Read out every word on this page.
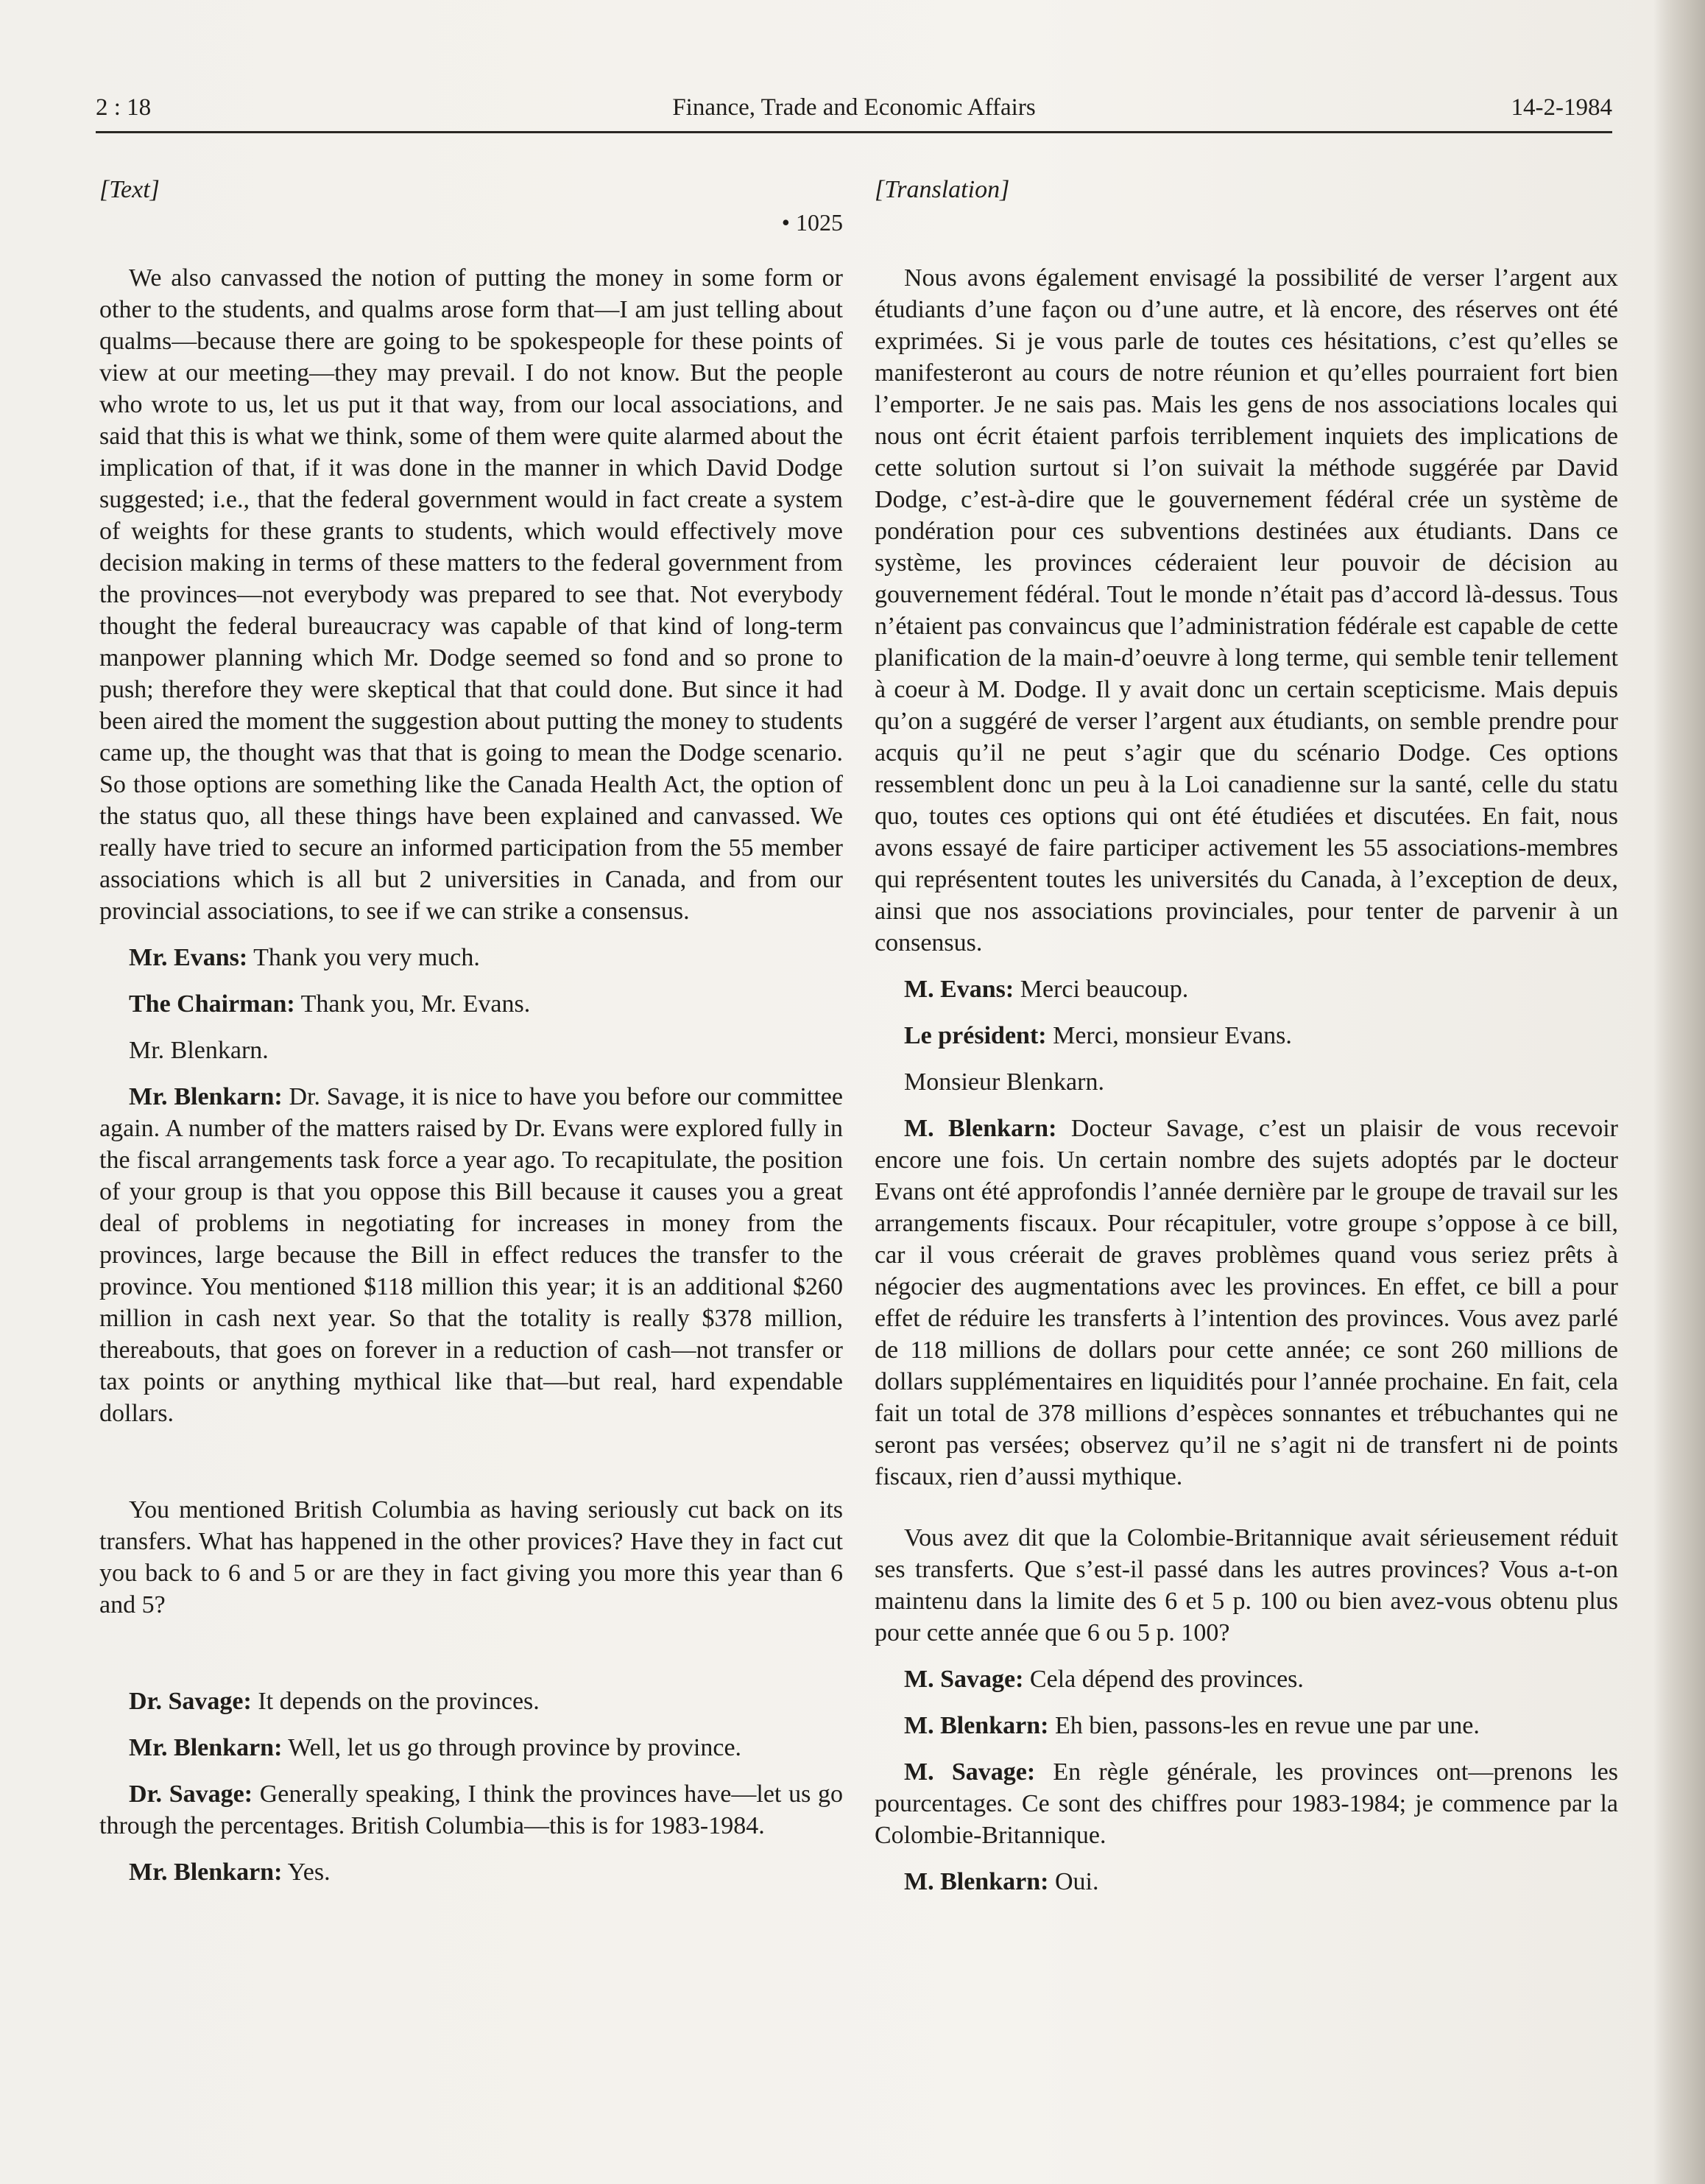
2 : 18	Finance, Trade and Economic Affairs	14-2-1984
[Text]
• 1025

We also canvassed the notion of putting the money in some form or other to the students, and qualms arose form that—I am just telling about qualms—because there are going to be spokespeople for these points of view at our meeting—they may prevail. I do not know. But the people who wrote to us, let us put it that way, from our local associations, and said that this is what we think, some of them were quite alarmed about the implication of that, if it was done in the manner in which David Dodge suggested; i.e., that the federal government would in fact create a system of weights for these grants to students, which would effectively move decision making in terms of these matters to the federal government from the provinces—not everybody was prepared to see that. Not everybody thought the federal bureaucracy was capable of that kind of long-term manpower planning which Mr. Dodge seemed so fond and so prone to push; therefore they were skeptical that that could done. But since it had been aired the moment the suggestion about putting the money to students came up, the thought was that that is going to mean the Dodge scenario. So those options are something like the Canada Health Act, the option of the status quo, all these things have been explained and canvassed. We really have tried to secure an informed participation from the 55 member associations which is all but 2 universities in Canada, and from our provincial associations, to see if we can strike a consensus.

Mr. Evans: Thank you very much.

The Chairman: Thank you, Mr. Evans.

Mr. Blenkarn.

Mr. Blenkarn: Dr. Savage, it is nice to have you before our committee again. A number of the matters raised by Dr. Evans were explored fully in the fiscal arrangements task force a year ago. To recapitulate, the position of your group is that you oppose this Bill because it causes you a great deal of problems in negotiating for increases in money from the provinces, large because the Bill in effect reduces the transfer to the province. You mentioned $118 million this year; it is an additional $260 million in cash next year. So that the totality is really $378 million, thereabouts, that goes on forever in a reduction of cash—not transfer or tax points or anything mythical like that—but real, hard expendable dollars.

You mentioned British Columbia as having seriously cut back on its transfers. What has happened in the other provices? Have they in fact cut you back to 6 and 5 or are they in fact giving you more this year than 6 and 5?

Dr. Savage: It depends on the provinces.

Mr. Blenkarn: Well, let us go through province by province.

Dr. Savage: Generally speaking, I think the provinces have—let us go through the percentages. British Columbia—this is for 1983-1984.

Mr. Blenkarn: Yes.

[Translation]

Nous avons également envisagé la possibilité de verser l’argent aux étudiants d’une façon ou d’une autre, et là encore, des réserves ont été exprimées. Si je vous parle de toutes ces hésitations, c’est qu’elles se manifesteront au cours de notre réunion et qu’elles pourraient fort bien l’emporter. Je ne sais pas. Mais les gens de nos associations locales qui nous ont écrit étaient parfois terriblement inquiets des implications de cette solution surtout si l’on suivait la méthode suggérée par David Dodge, c’est-à-dire que le gouvernement fédéral crée un système de pondération pour ces subventions destinées aux étudiants. Dans ce système, les provinces céderaient leur pouvoir de décision au gouvernement fédéral. Tout le monde n’était pas d’accord là-dessus. Tous n’étaient pas convaincus que l’administration fédérale est capable de cette planification de la main-d’oeuvre à long terme, qui semble tenir tellement à coeur à M. Dodge. Il y avait donc un certain scepticisme. Mais depuis qu’on a suggéré de verser l’argent aux étudiants, on semble prendre pour acquis qu’il ne peut s’agir que du scénario Dodge. Ces options ressemblent donc un peu à la Loi canadienne sur la santé, celle du statu quo, toutes ces options qui ont été étudiées et discutées. En fait, nous avons essayé de faire participer activement les 55 associations-membres qui représentent toutes les universités du Canada, à l’exception de deux, ainsi que nos associations provinciales, pour tenter de parvenir à un consensus.

M. Evans: Merci beaucoup.

Le président: Merci, monsieur Evans.

Monsieur Blenkarn.

M. Blenkarn: Docteur Savage, c’est un plaisir de vous recevoir encore une fois. Un certain nombre des sujets adoptés par le docteur Evans ont été approfondis l’année dernière par le groupe de travail sur les arrangements fiscaux. Pour récapituler, votre groupe s’oppose à ce bill, car il vous créerait de graves problèmes quand vous seriez prêts à négocier des augmentations avec les provinces. En effet, ce bill a pour effet de réduire les transferts à l’intention des provinces. Vous avez parlé de 118 millions de dollars pour cette année; ce sont 260 millions de dollars supplémentaires en liquidités pour l’année prochaine. En fait, cela fait un total de 378 millions d’espèces sonnantes et trébuchantes qui ne seront pas versées; observez qu’il ne s’agit ni de transfert ni de points fiscaux, rien d’aussi mythique.

Vous avez dit que la Colombie-Britannique avait sérieusement réduit ses transferts. Que s’est-il passé dans les autres provinces? Vous a-t-on maintenu dans la limite des 6 et 5 p. 100 ou bien avez-vous obtenu plus pour cette année que 6 ou 5 p. 100?

M. Savage: Cela dépend des provinces.

M. Blenkarn: Eh bien, passons-les en revue une par une.

M. Savage: En règle générale, les provinces ont—prenons les pourcentages. Ce sont des chiffres pour 1983-1984; je commence par la Colombie-Britannique.

M. Blenkarn: Oui.
